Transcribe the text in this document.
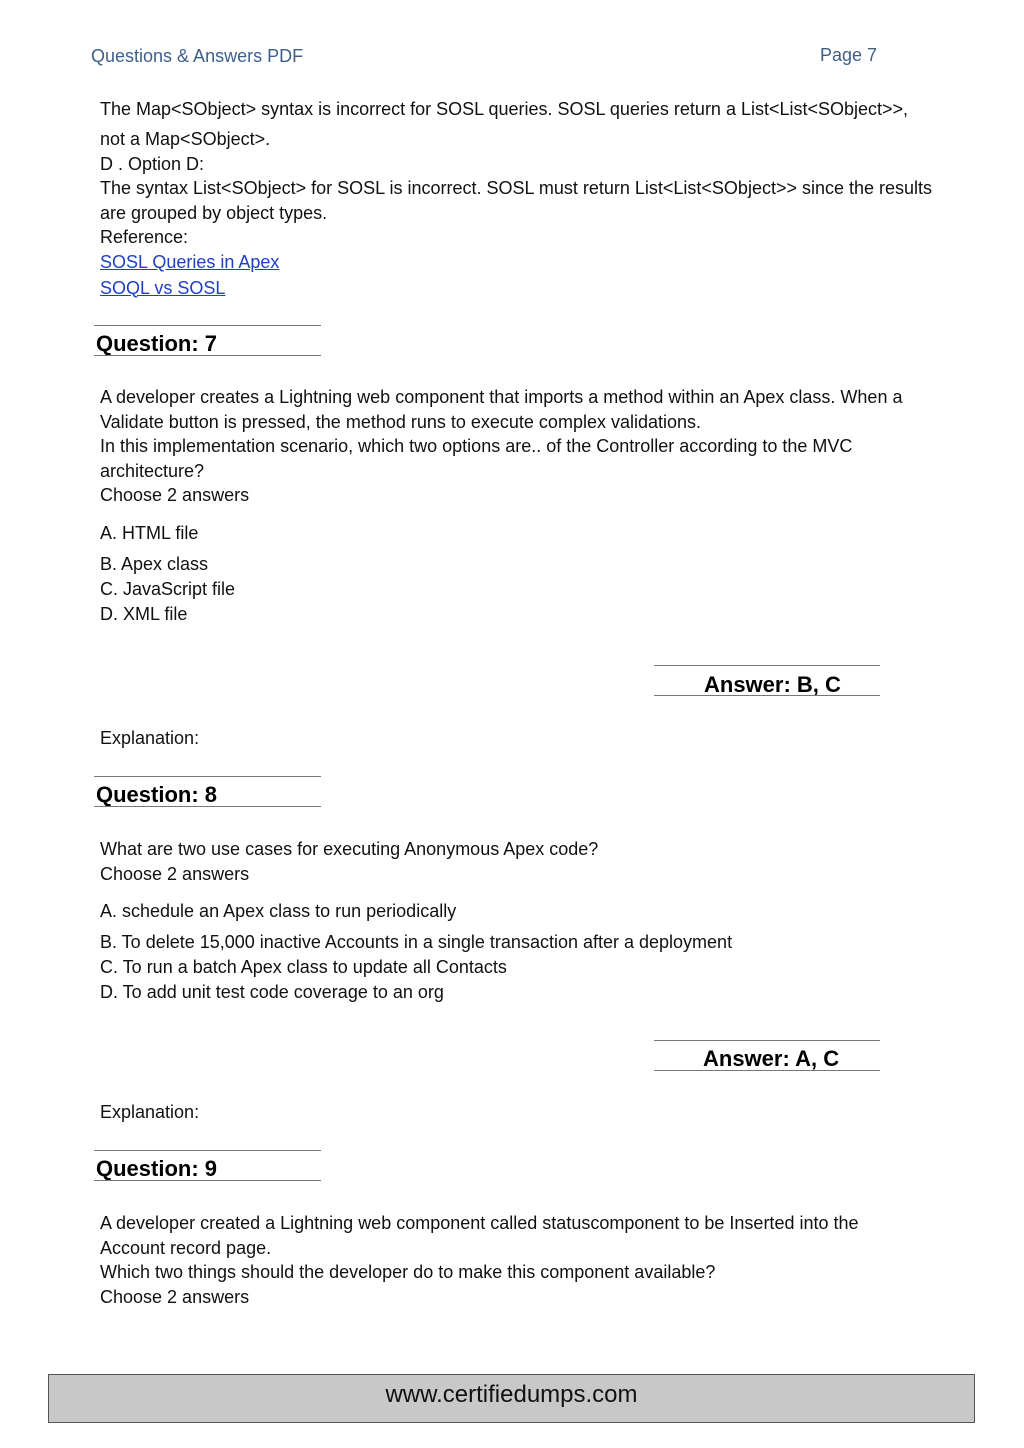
Questions & Answers PDF	Page 7
The Map<SObject> syntax is incorrect for SOSL queries. SOSL queries return a List<List<SObject>>,
not a Map<SObject>.
D . Option D:
The syntax List<SObject> for SOSL is incorrect. SOSL must return List<List<SObject>> since the results
are grouped by object types.
Reference:
SOSL Queries in Apex
SOQL vs SOSL
Question: 7
A developer creates a Lightning web component that imports a method within an Apex class. When a
Validate button is pressed, the method runs to execute complex validations.
In this implementation scenario, which two options are.. of the Controller according to the MVC
architecture?
Choose 2 answers
A. HTML file
B. Apex class
C. JavaScript file
D. XML file
Answer: B, C
Explanation:
Question: 8
What are two use cases for executing Anonymous Apex code?
Choose 2 answers
A. schedule an Apex class to run periodically
B. To delete 15,000 inactive Accounts in a single transaction after a deployment
C. To run a batch Apex class to update all Contacts
D. To add unit test code coverage to an org
Answer: A, C
Explanation:
Question: 9
A developer created a Lightning web component called statuscomponent to be Inserted into the
Account record page.
Which two things should the developer do to make this component available?
Choose 2 answers
www.certifiedumps.com
